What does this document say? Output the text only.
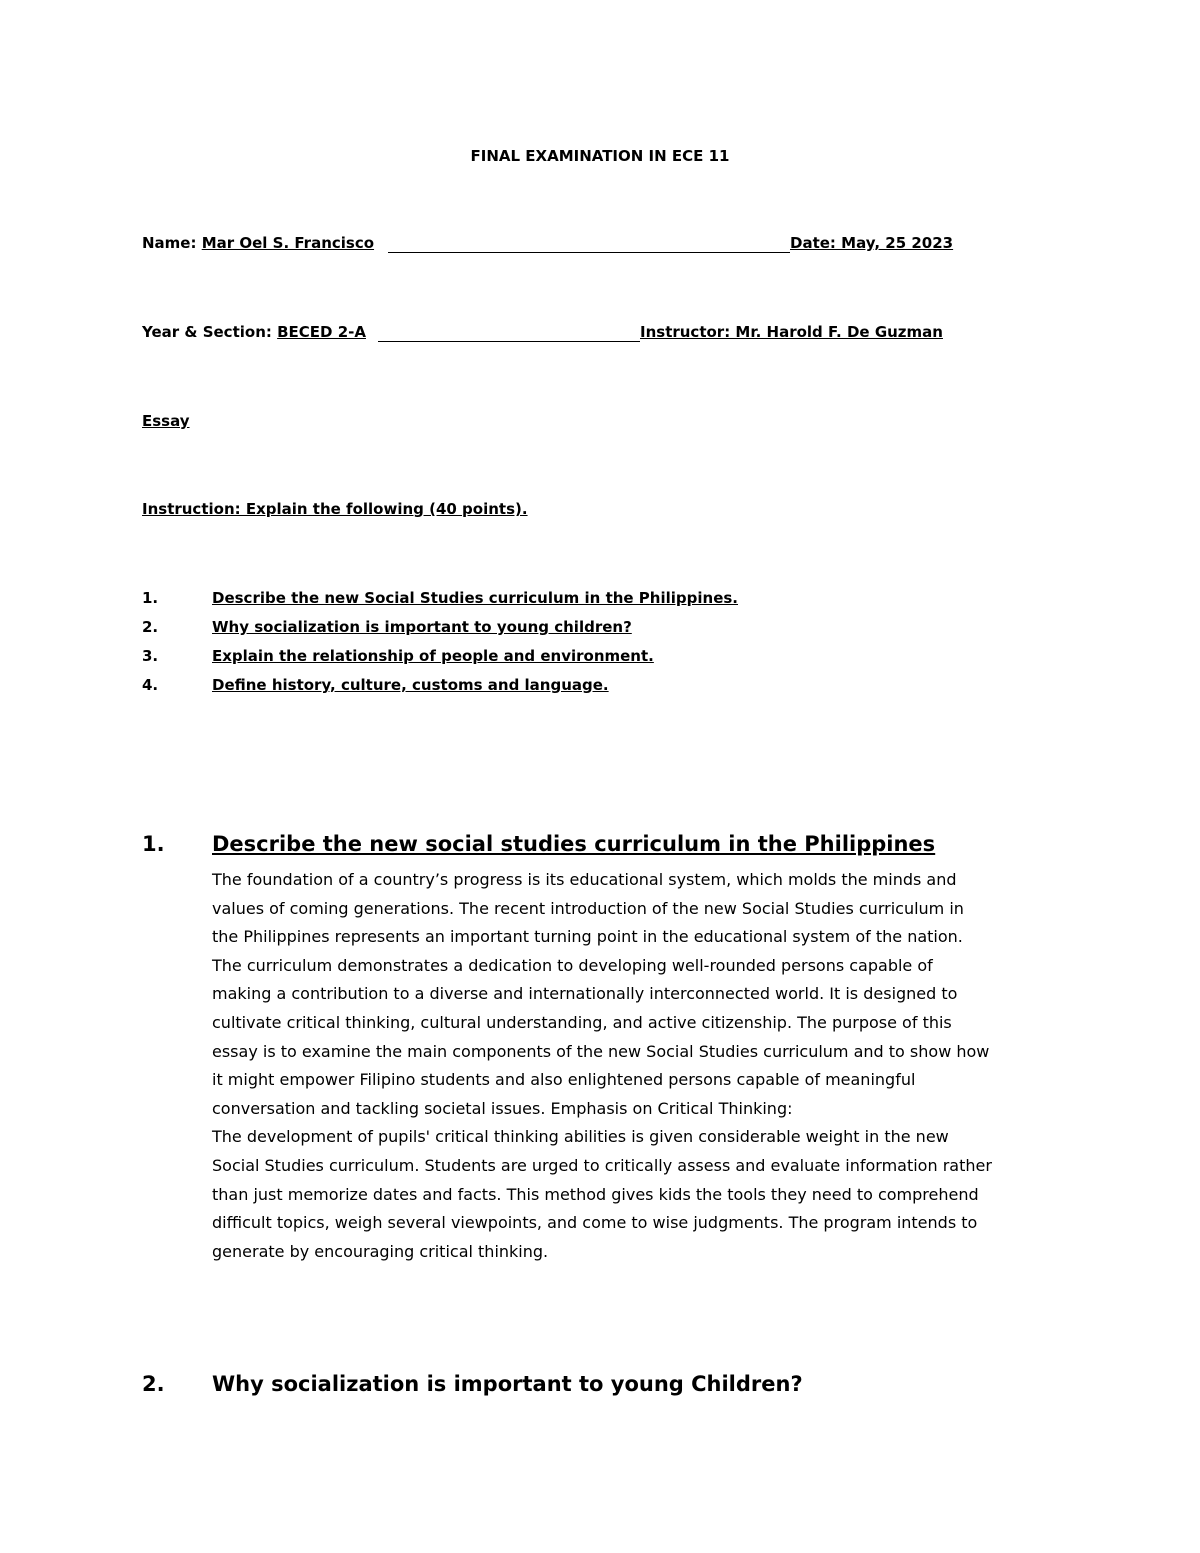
FINAL EXAMINATION IN ECE 11
Name: Mar Oel S. Francisco	Date: May, 25 2023
Year & Section: BECED 2-A	Instructor: Mr. Harold F. De Guzman
Essay
Instruction: Explain the following (40 points).
1.	Describe the new Social Studies curriculum in the Philippines.
2.	Why socialization is important to young children?
3.	Explain the relationship of people and environment.
4.	Define history, culture, customs and language.
1. Describe the new social studies curriculum in the Philippines
The foundation of a country’s progress is its educational system, which molds the minds and
values of coming generations. The recent introduction of the new Social Studies curriculum in
the Philippines represents an important turning point in the educational system of the nation.
The curriculum demonstrates a dedication to developing well-rounded persons capable of
making a contribution to a diverse and internationally interconnected world. It is designed to
cultivate critical thinking, cultural understanding, and active citizenship. The purpose of this
essay is to examine the main components of the new Social Studies curriculum and to show how
it might empower Filipino students and also enlightened persons capable of meaningful
conversation and tackling societal issues. Emphasis on Critical Thinking:
The development of pupils' critical thinking abilities is given considerable weight in the new
Social Studies curriculum. Students are urged to critically assess and evaluate information rather
than just memorize dates and facts. This method gives kids the tools they need to comprehend
difficult topics, weigh several viewpoints, and come to wise judgments. The program intends to
generate by encouraging critical thinking.
2. Why socialization is important to young Children?
